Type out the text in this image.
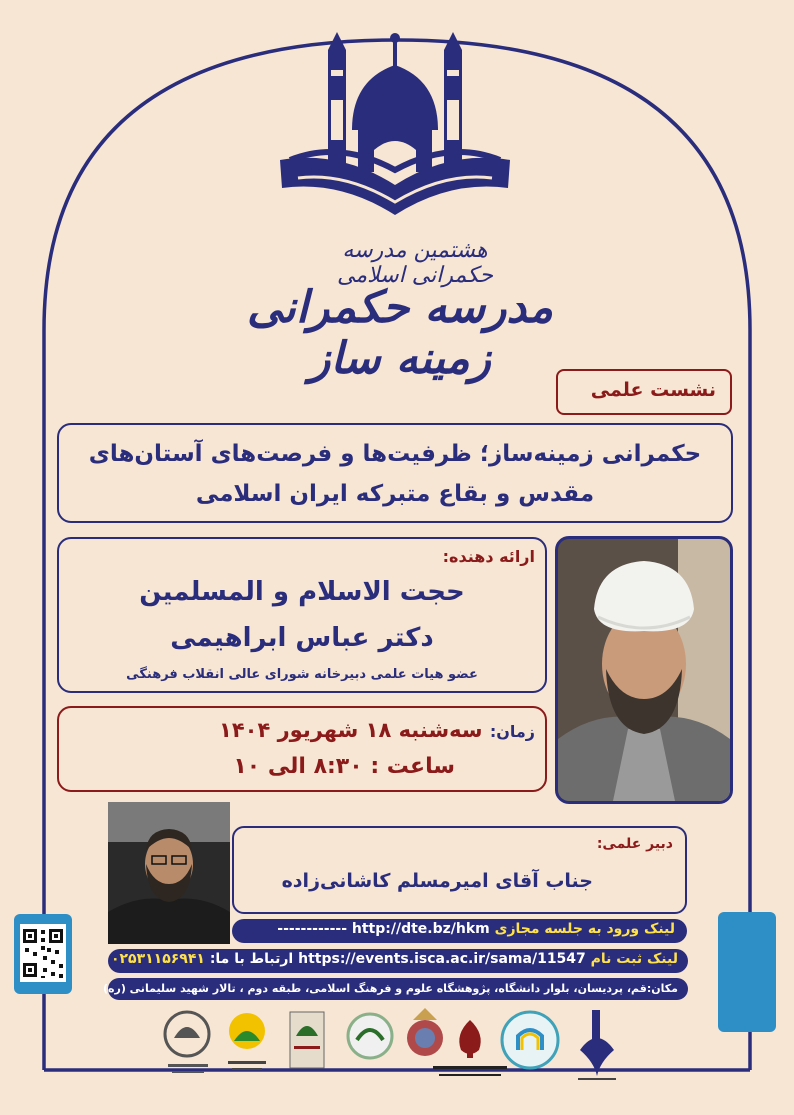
هشتمین مدرسه حکمرانی اسلامی
مدرسه حکمرانی زمینه ساز
نشست علمی
حکمرانی زمینه‌ساز؛ ظرفیت‌ها و فرصت‌های آستان‌های
مقدس و بقاع متبرکه ایران اسلامی
ارائه دهنده:
حجت الاسلام و المسلمین
دکتر عباس ابراهیمی
عضو هیات علمی دبیرخانه شورای عالی انقلاب فرهنگی
زمان: سه‌شنبه ۱۸ شهریور ۱۴۰۴
ساعت : ۸:۳۰ الی ۱۰
دبیر علمی:
جناب آقای امیرمسلم کاشانی‌زاده
لینک ورود به جلسه مجازی http://dte.bz/hkm ------------
لینک ثبت نام https://events.isca.ac.ir/sama/11547 ارتباط با ما: ۰۲۵۳۱۱۵۶۹۴۱
مکان:قم، پردیسان، بلوار دانشگاه، پژوهشگاه علوم و فرهنگ اسلامی، طبقه دوم ، تالار شهید سلیمانی (ره)
